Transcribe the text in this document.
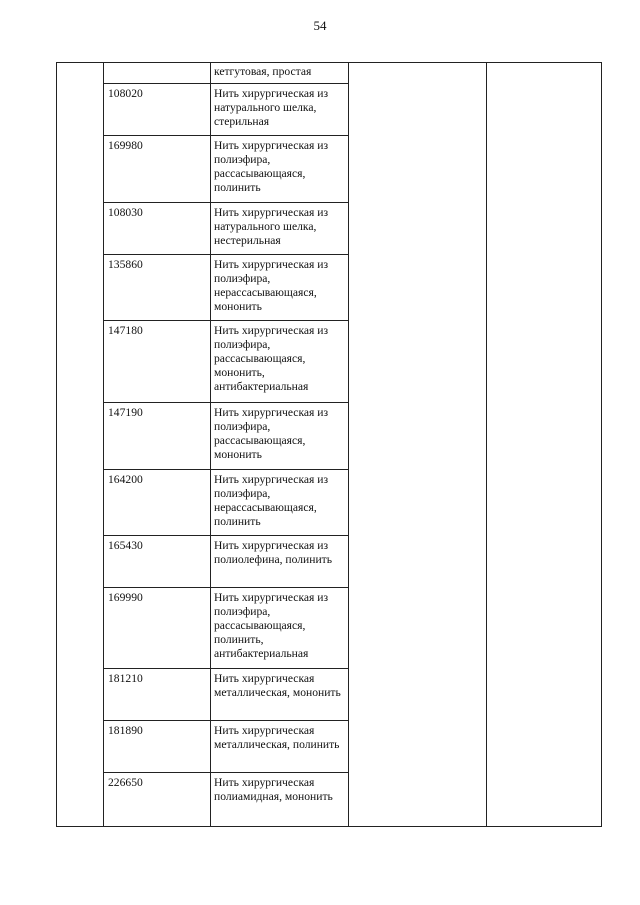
54
		кетгутовая, простая		
	108020	Нить хирургическая из натурального шелка, стерильная		
	169980	Нить хирургическая из полиэфира, рассасывающаяся, полинить		
	108030	Нить хирургическая из натурального шелка, нестерильная		
	135860	Нить хирургическая из полиэфира, нерассасывающаяся, мононить		
	147180	Нить хирургическая из полиэфира, рассасывающаяся, мононить, антибактериальная		
	147190	Нить хирургическая из полиэфира, рассасывающаяся, мононить		
	164200	Нить хирургическая из полиэфира, нерассасывающаяся, полинить		
	165430	Нить хирургическая из полиолефина, полинить		
	169990	Нить хирургическая из полиэфира, рассасывающаяся, полинить, антибактериальная		
	181210	Нить хирургическая металлическая, мононить		
	181890	Нить хирургическая металлическая, полинить		
	226650	Нить хирургическая полиамидная, мононить		
